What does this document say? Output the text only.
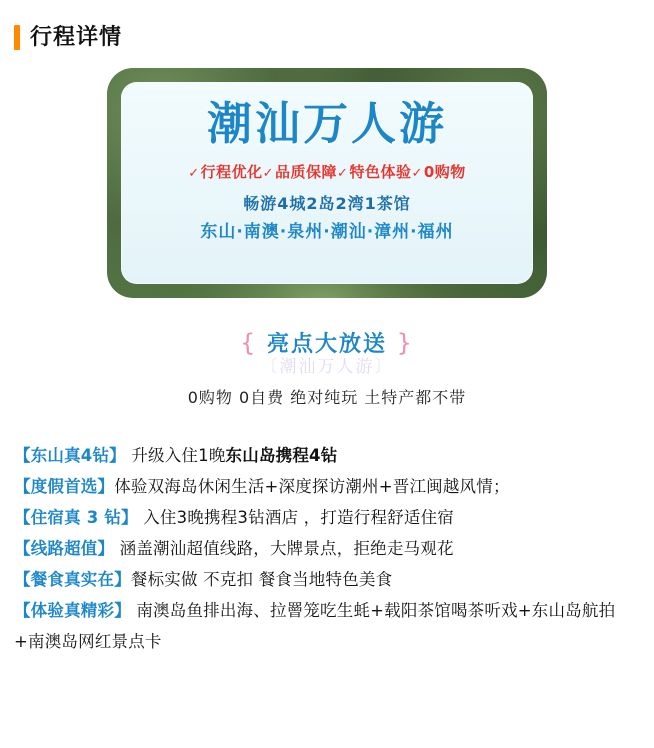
行程详情
潮汕万人游
✓行程优化✓品质保障✓特色体验✓0购物
畅游4城2岛2湾1茶馆
东山·南澳·泉州·潮汕·漳州·福州
〔潮汕万人游〕
{ 亮点大放送 }
0购物 0自费 绝对纯玩 土特产都不带
【东山真4钻】 升级入住1晚东山岛携程4钻
【度假首选】体验双海岛休闲生活+深度探访潮州+晋江闽越风情；
【住宿真 3 钻】 入住3晚携程3钻酒店 ，打造行程舒适住宿
【线路超值】 涵盖潮汕超值线路，大牌景点，拒绝走马观花
【餐食真实在】餐标实做 不克扣 餐食当地特色美食
【体验真精彩】 南澳岛鱼排出海、拉罾笼吃生蚝+载阳茶馆喝茶听戏+东山岛航拍+南澳岛网红景点卡
